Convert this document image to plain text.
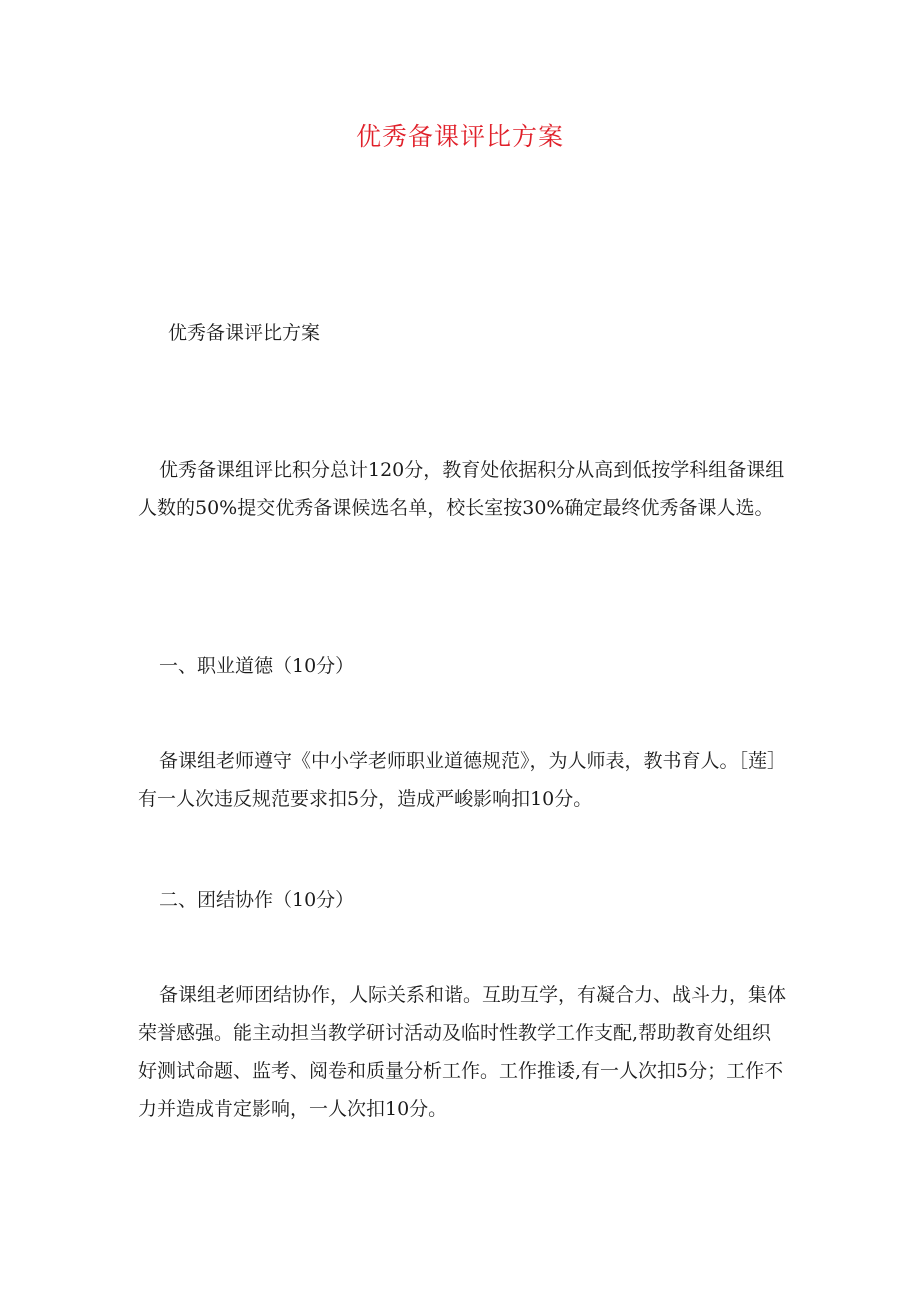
优秀备课评比方案
优秀备课评比方案

优秀备课组评比积分总计120分，教育处依据积分从高到低按学科组备课组人数的50%提交优秀备课候选名单，校长室按30%确定最终优秀备课人选。

一、职业道德（10分）

备课组老师遵守《中小学老师职业道德规范》，为人师表，教书育人。［莲］有一人次违反规范要求扣5分，造成严峻影响扣10分。

二、团结协作（10分）

备课组老师团结协作，人际关系和谐。互助互学，有凝合力、战斗力，集体荣誉感强。能主动担当教学研讨活动及临时性教学工作支配,帮助教育处组织好测试命题、监考、阅卷和质量分析工作。工作推诿,有一人次扣5分；工作不力并造成肯定影响，一人次扣10分。
